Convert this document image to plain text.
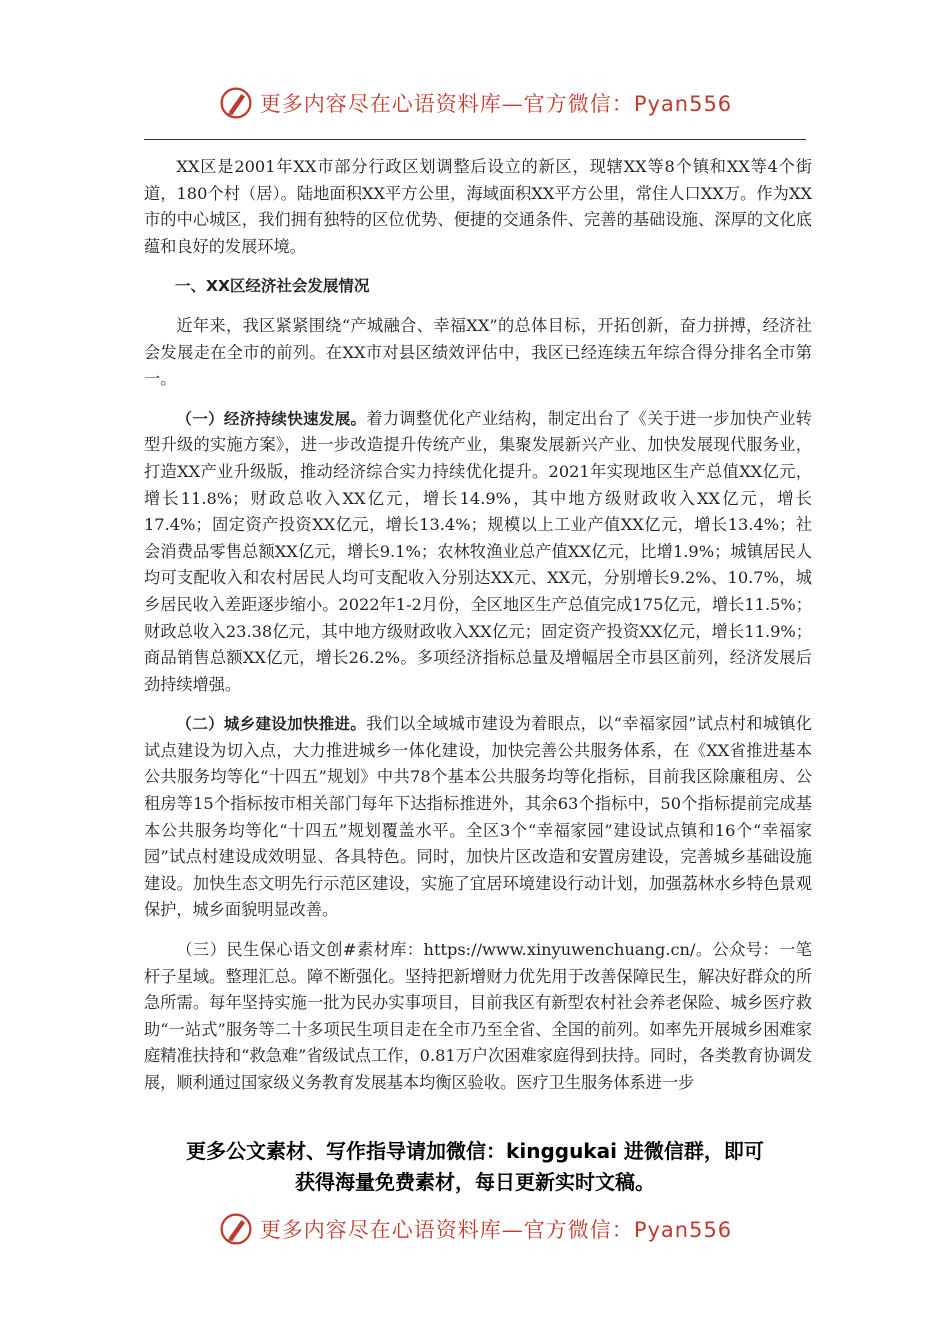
更多内容尽在心语资料库—官方微信：Pyan556

XX区是2001年XX市部分行政区划调整后设立的新区，现辖XX等8个镇和XX等4个街道，180个村（居）。陆地面积XX平方公里，海域面积XX平方公里，常住人口XX万。作为XX市的中心城区，我们拥有独特的区位优势、便捷的交通条件、完善的基础设施、深厚的文化底蕴和良好的发展环境。

一、XX区经济社会发展情况

近年来，我区紧紧围绕“产城融合、幸福XX”的总体目标，开拓创新，奋力拼搏，经济社会发展走在全市的前列。在XX市对县区绩效评估中，我区已经连续五年综合得分排名全市第一。

（一）经济持续快速发展。着力调整优化产业结构，制定出台了《关于进一步加快产业转型升级的实施方案》，进一步改造提升传统产业，集聚发展新兴产业、加快发展现代服务业，打造XX产业升级版，推动经济综合实力持续优化提升。2021年实现地区生产总值XX亿元，增长11.8%；财政总收入XX亿元，增长14.9%，其中地方级财政收入XX亿元，增长17.4%；固定资产投资XX亿元，增长13.4%；规模以上工业产值XX亿元，增长13.4%；社会消费品零售总额XX亿元，增长9.1%；农林牧渔业总产值XX亿元，比增1.9%；城镇居民人均可支配收入和农村居民人均可支配收入分别达XX元、XX元，分别增长9.2%、10.7%，城乡居民收入差距逐步缩小。2022年1-2月份，全区地区生产总值完成175亿元，增长11.5%；财政总收入23.38亿元，其中地方级财政收入XX亿元；固定资产投资XX亿元，增长11.9%；商品销售总额XX亿元，增长26.2%。多项经济指标总量及增幅居全市县区前列，经济发展后劲持续增强。

（二）城乡建设加快推进。我们以全域城市建设为着眼点，以“幸福家园”试点村和城镇化试点建设为切入点，大力推进城乡一体化建设，加快完善公共服务体系，在《XX省推进基本公共服务均等化“十四五”规划》中共78个基本公共服务均等化指标，目前我区除廉租房、公租房等15个指标按市相关部门每年下达指标推进外，其余63个指标中，50个指标提前完成基本公共服务均等化“十四五”规划覆盖水平。全区3个“幸福家园”建设试点镇和16个“幸福家园”试点村建设成效明显、各具特色。同时，加快片区改造和安置房建设，完善城乡基础设施建设。加快生态文明先行示范区建设，实施了宜居环境建设行动计划，加强荔林水乡特色景观保护，城乡面貌明显改善。

（三）民生保心语文创#素材库：https://www.xinyuwenchuang.cn/。公众号：一笔杆子星域。整理汇总。障不断强化。坚持把新增财力优先用于改善保障民生，解决好群众的所急所需。每年坚持实施一批为民办实事项目，目前我区有新型农村社会养老保险、城乡医疗救助“一站式”服务等二十多项民生项目走在全市乃至全省、全国的前列。如率先开展城乡困难家庭精准扶持和“救急难”省级试点工作，0.81万户次困难家庭得到扶持。同时，各类教育协调发展，顺利通过国家级义务教育发展基本均衡区验收。医疗卫生服务体系进一步

更多公文素材、写作指导请加微信：kinggukai 进微信群，即可
获得海量免费素材，每日更新实时文稿。
更多内容尽在心语资料库—官方微信：Pyan556
